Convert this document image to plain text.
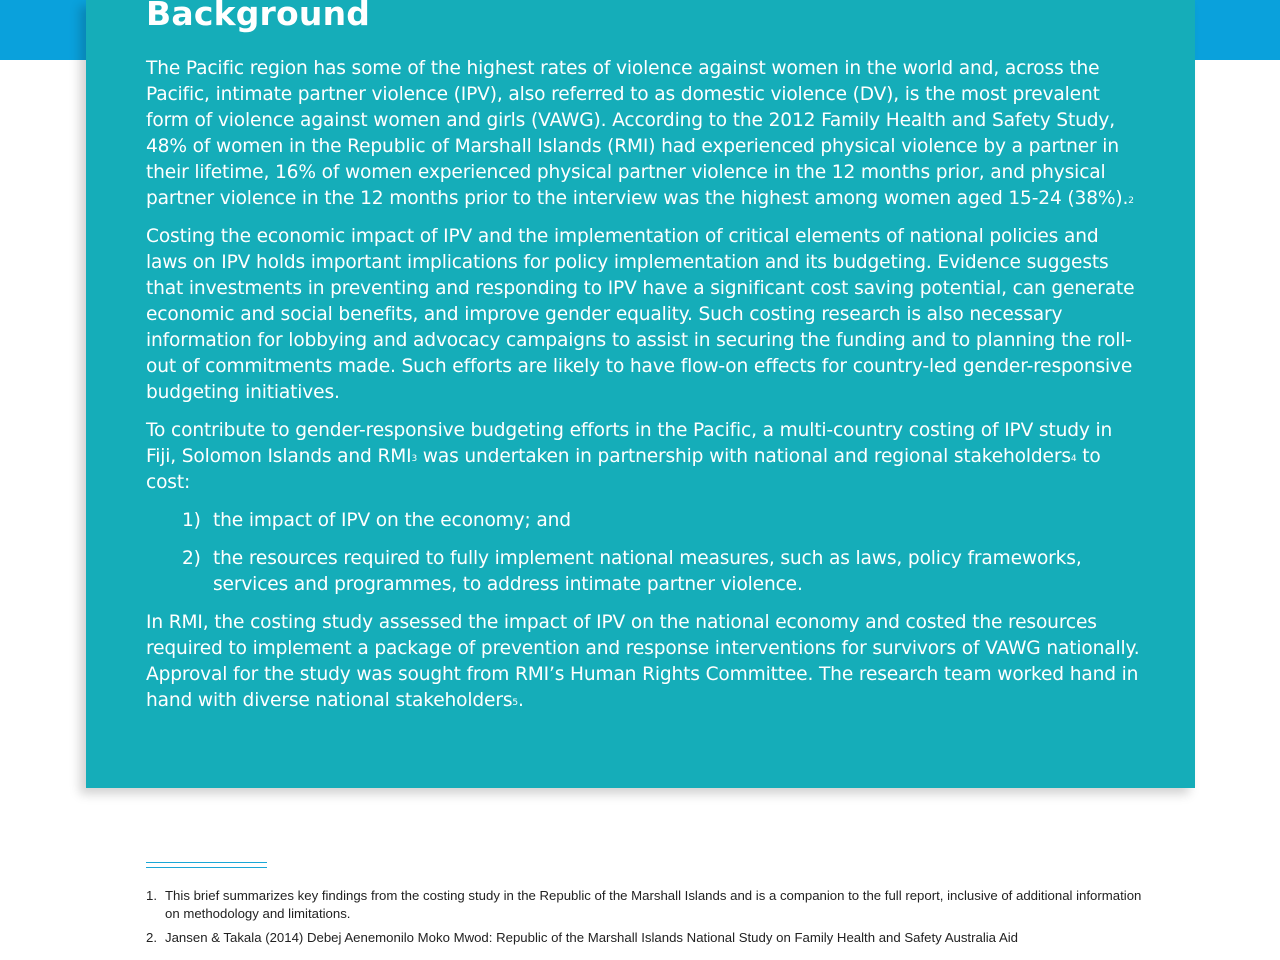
Background

The Pacific region has some of the highest rates of violence against women in the world and, across the Pacific, intimate partner violence (IPV), also referred to as domestic violence (DV), is the most prevalent form of violence against women and girls (VAWG). According to the 2012 Family Health and Safety Study, 48% of women in the Republic of Marshall Islands (RMI) had experienced physical violence by a partner in their lifetime, 16% of women experienced physical partner violence in the 12 months prior, and physical partner violence in the 12 months prior to the interview was the highest among women aged 15-24 (38%).$^2$

Costing the economic impact of IPV and the implementation of critical elements of national policies and laws on IPV holds important implications for policy implementation and its budgeting. Evidence suggests that investments in preventing and responding to IPV have a significant cost saving potential, can generate economic and social benefits, and improve gender equality. Such costing research is also necessary information for lobbying and advocacy campaigns to assist in securing the funding and to planning the roll-out of commitments made. Such efforts are likely to have flow-on effects for country-led gender-responsive budgeting initiatives.

To contribute to gender-responsive budgeting efforts in the Pacific, a multi-country costing of IPV study in Fiji, Solomon Islands and RMI$^3$ was undertaken in partnership with national and regional stakeholders$^4$ to cost:

1) the impact of IPV on the economy; and
2) the resources required to fully implement national measures, such as laws, policy frameworks, services and programmes, to address intimate partner violence.

In RMI, the costing study assessed the impact of IPV on the national economy and costed the resources required to implement a package of prevention and response interventions for survivors of VAWG nationally. Approval for the study was sought from RMI’s Human Rights Committee. The research team worked hand in hand with diverse national stakeholders$^5$.

1. This brief summarizes key findings from the costing study in the Republic of the Marshall Islands and is a companion to the full report, inclusive of additional information on methodology and limitations.

2. Jansen & Takala (2014) Debej Aenemonilo Moko Mwod: Republic of the Marshall Islands National Study on Family Health and Safety Australia Aid
